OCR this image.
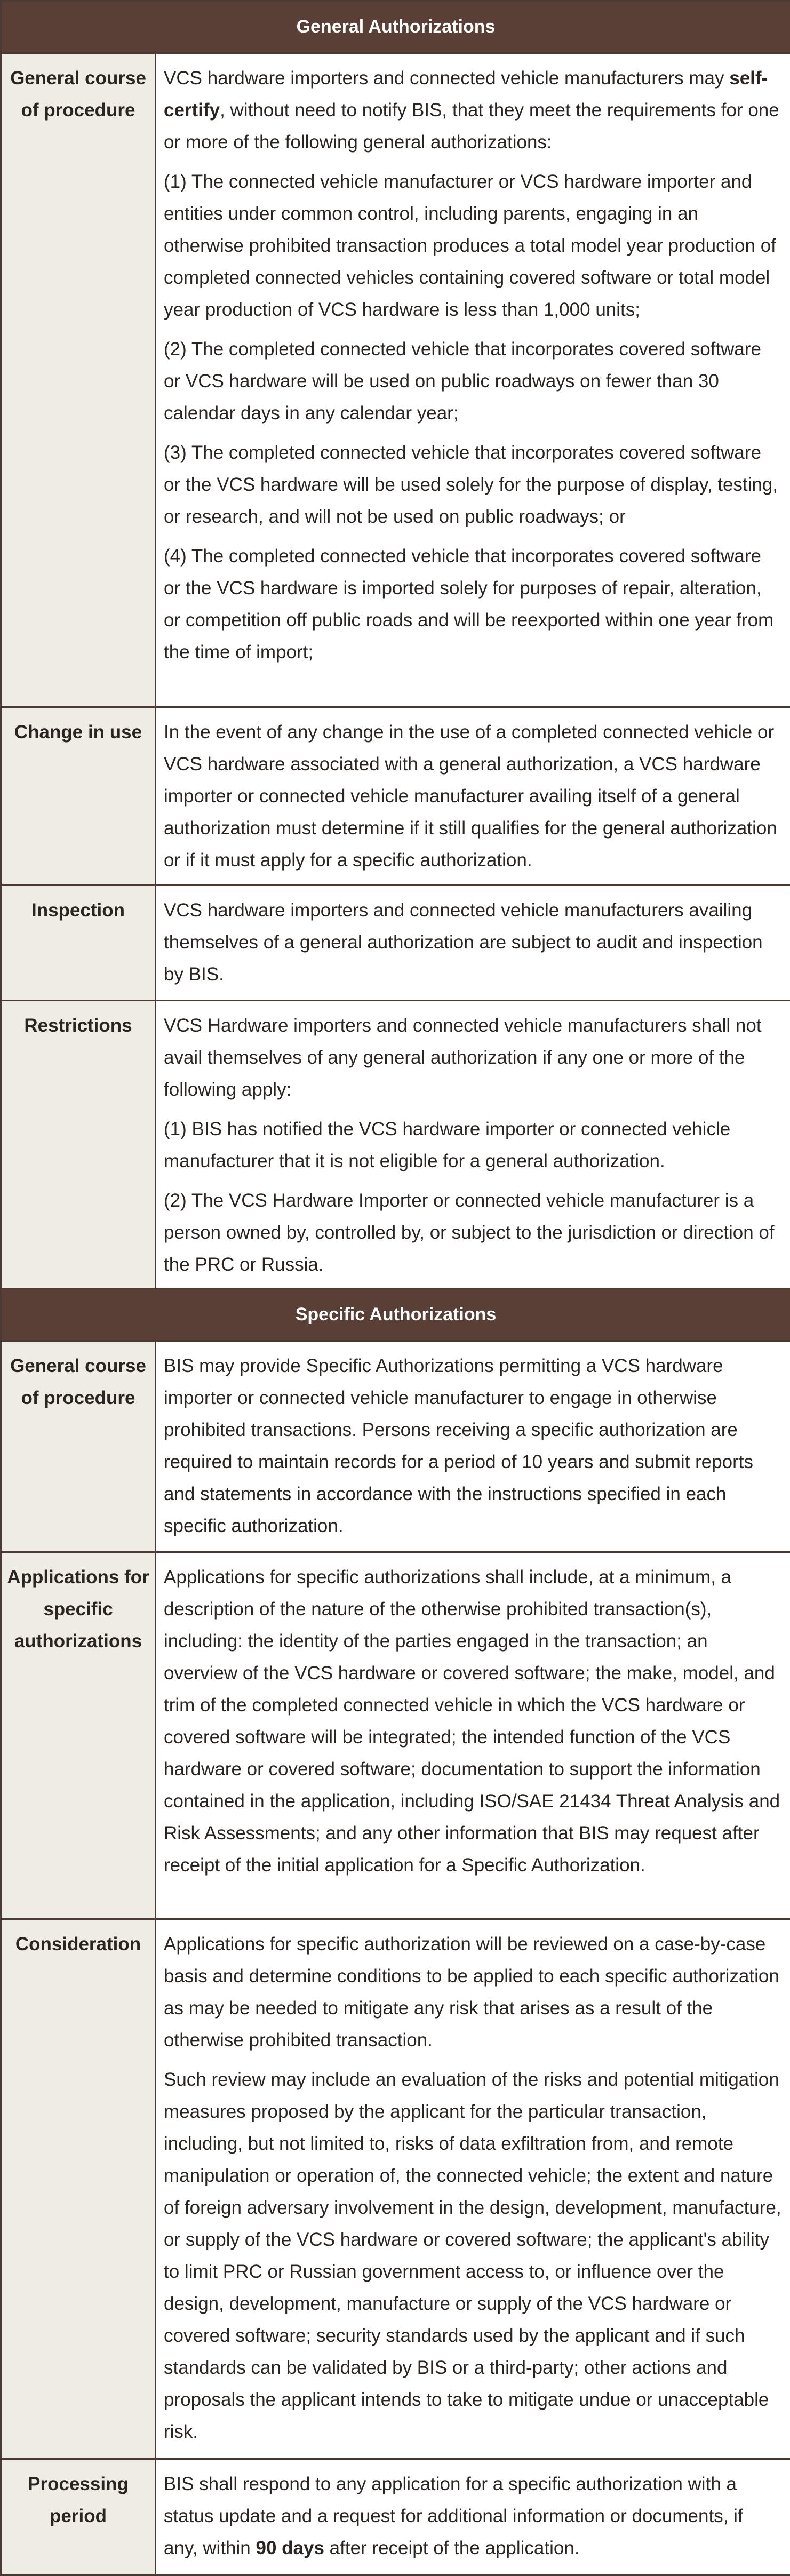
General Authorizations	
General course of procedure	VCS hardware importers and connected vehicle manufacturers may self-certify, without need to notify BIS, that they meet the requirements for one or more of the following general authorizations:

(1) The connected vehicle manufacturer or VCS hardware importer and entities under common control, including parents, engaging in an otherwise prohibited transaction produces a total model year production of completed connected vehicles containing covered software or total model year production of VCS hardware is less than 1,000 units;

(2) The completed connected vehicle that incorporates covered software or VCS hardware will be used on public roadways on fewer than 30 calendar days in any calendar year;

(3) The completed connected vehicle that incorporates covered software or the VCS hardware will be used solely for the purpose of display, testing, or research, and will not be used on public roadways; or

(4) The completed connected vehicle that incorporates covered software or the VCS hardware is imported solely for purposes of repair, alteration, or competition off public roads and will be reexported within one year from the time of import;

Change in use	In the event of any change in the use of a completed connected vehicle or VCS hardware associated with a general authorization, a VCS hardware importer or connected vehicle manufacturer availing itself of a general authorization must determine if it still qualifies for the general authorization or if it must apply for a specific authorization.
Inspection	VCS hardware importers and connected vehicle manufacturers availing themselves of a general authorization are subject to audit and inspection by BIS.
Restrictions	VCS Hardware importers and connected vehicle manufacturers shall not avail themselves of any general authorization if any one or more of the following apply:

(1) BIS has notified the VCS hardware importer or connected vehicle manufacturer that it is not eligible for a general authorization.

(2) The VCS Hardware Importer or connected vehicle manufacturer is a person owned by, controlled by, or subject to the jurisdiction or direction of the PRC or Russia.

Specific Authorizations	
General course of procedure	BIS may provide Specific Authorizations permitting a VCS hardware importer or connected vehicle manufacturer to engage in otherwise prohibited transactions. Persons receiving a specific authorization are required to maintain records for a period of 10 years and submit reports and statements in accordance with the instructions specified in each specific authorization.
Applications for specific authorizations	Applications for specific authorizations shall include, at a minimum, a description of the nature of the otherwise prohibited transaction(s), including: the identity of the parties engaged in the transaction; an overview of the VCS hardware or covered software; the make, model, and trim of the completed connected vehicle in which the VCS hardware or covered software will be integrated; the intended function of the VCS hardware or covered software; documentation to support the information contained in the application, including ISO/SAE 21434 Threat Analysis and Risk Assessments; and any other information that BIS may request after receipt of the initial application for a Specific Authorization.
Consideration	Applications for specific authorization will be reviewed on a case-by-case basis and determine conditions to be applied to each specific authorization as may be needed to mitigate any risk that arises as a result of the otherwise prohibited transaction.

Such review may include an evaluation of the risks and potential mitigation measures proposed by the applicant for the particular transaction, including, but not limited to, risks of data exfiltration from, and remote manipulation or operation of, the connected vehicle; the extent and nature of foreign adversary involvement in the design, development, manufacture, or supply of the VCS hardware or covered software; the applicant's ability to limit PRC or Russian government access to, or influence over the design, development, manufacture or supply of the VCS hardware or covered software; security standards used by the applicant and if such standards can be validated by BIS or a third-party; other actions and proposals the applicant intends to take to mitigate undue or unacceptable risk.

Processing period	BIS shall respond to any application for a specific authorization with a status update and a request for additional information or documents, if any, within 90 days after receipt of the application.
